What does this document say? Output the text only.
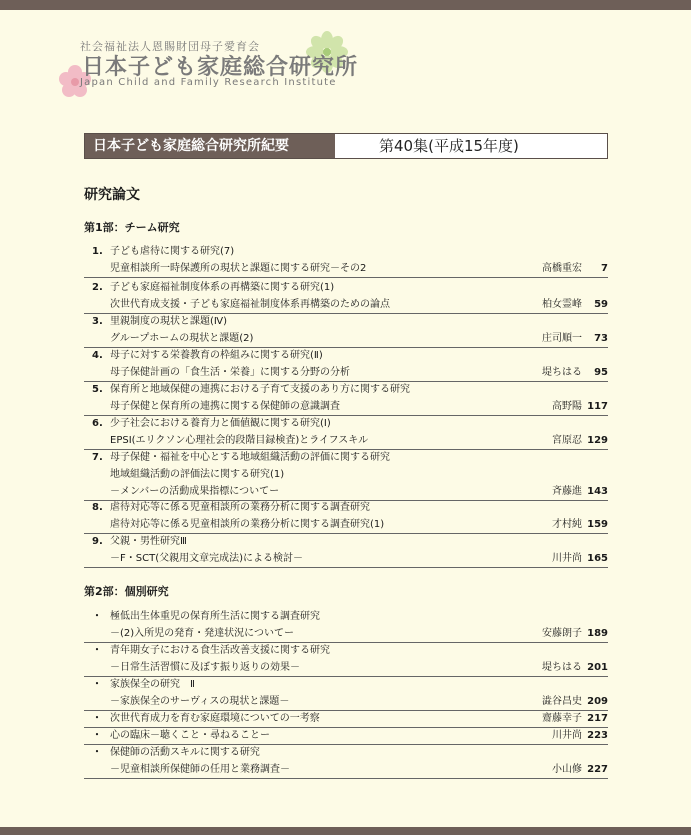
社会福祉法人恩賜財団母子愛育会
日本子ども家庭総合研究所
Japan Child and Family Research Institute
日本子ども家庭総合研究所紀要	第40集(平成15年度)
研究論文
第1部：チーム研究
1. 子ども虐待に関する研究(7)
児童相談所一時保護所の現状と課題に関する研究－その2	高橋重宏	7
2. 子ども家庭福祉制度体系の再構築に関する研究(1)
次世代育成支援・子ども家庭福祉制度体系再構築のための論点	柏女霊峰	59
3. 里親制度の現状と課題(Ⅳ)
グループホームの現状と課題(2)	庄司順一	73
4. 母子に対する栄養教育の枠組みに関する研究(Ⅱ)
母子保健計画の「食生活・栄養」に関する分野の分析	堤ちはる	95
5. 保育所と地域保健の連携における子育て支援のあり方に関する研究
母子保健と保育所の連携に関する保健師の意識調査	高野陽 117
6. 少子社会における養育力と価値観に関する研究(Ⅰ)
EPSI(エリクソン心理社会的段階目録検査)とライフスキル	宮原忍 129
7. 母子保健・福祉を中心とする地域組織活動の評価に関する研究
地域組織活動の評価法に関する研究(1)
－メンバーの活動成果指標についてー	斉藤進 143
8. 虐待対応等に係る児童相談所の業務分析に関する調査研究
虐待対応等に係る児童相談所の業務分析に関する調査研究(1)	才村純 159
9. 父親・男性研究Ⅲ
－F・SCT(父親用文章完成法)による検討－	川井尚 165
第2部：個別研究
・ 極低出生体重児の保育所生活に関する調査研究
－(2)入所児の発育・発達状況についてー	安藤朗子 189
・ 青年期女子における食生活改善支援に関する研究
－日常生活習慣に及ぼす振り返りの効果－	堤ちはる 201
・ 家族保全の研究　Ⅱ
－家族保全のサーヴィスの現状と課題－	澁谷昌史 209
・ 次世代育成力を育む家庭環境についての一考察	齋藤幸子 217
・ 心の臨床－聴くこと・尋ねることー	川井尚 223
・ 保健師の活動スキルに関する研究
－児童相談所保健師の任用と業務調査－	小山修 227
